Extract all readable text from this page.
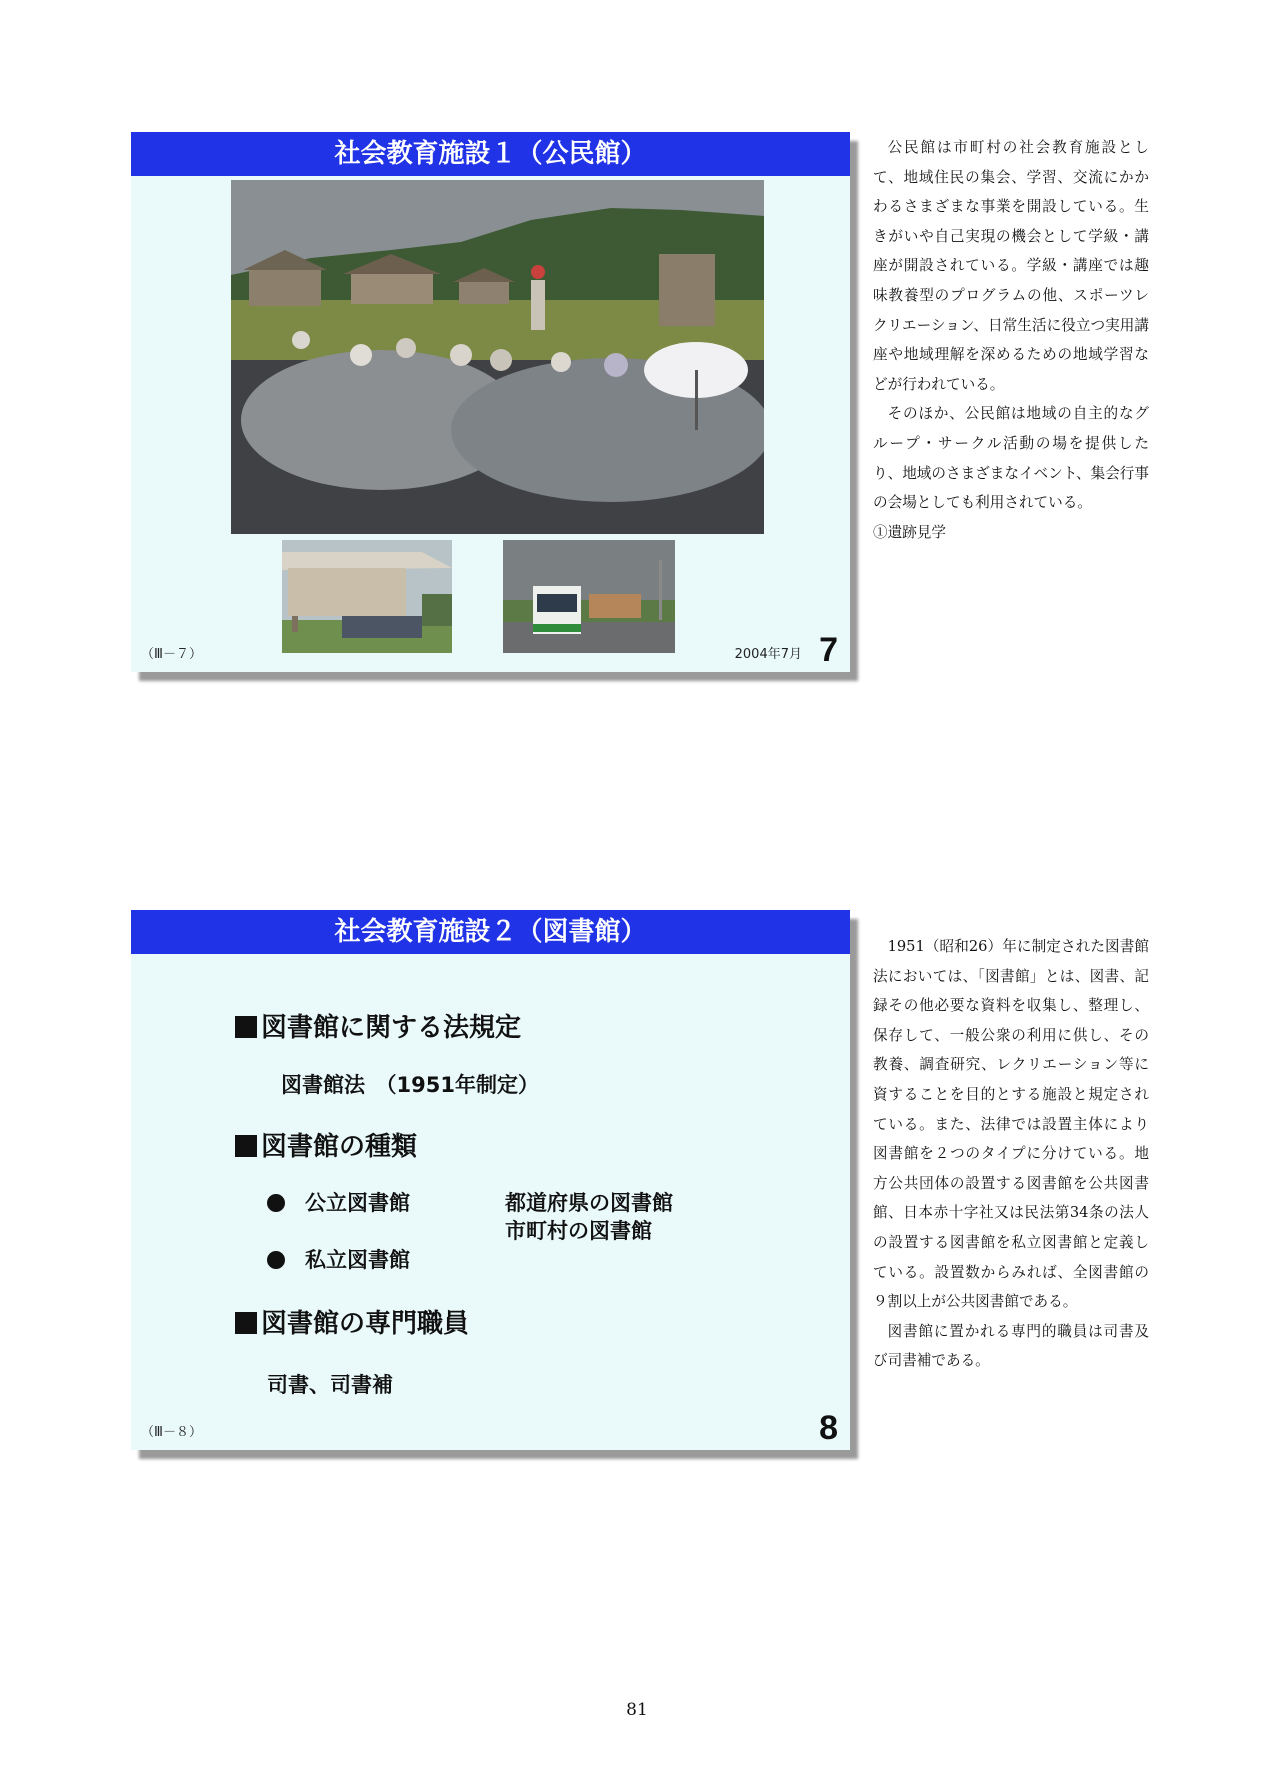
社会教育施設１（公民館）
（Ⅲ－７）	2004年7月 7

公民館は市町村の社会教育施設として、地域住民の集会、学習、交流にかかわるさまざまな事業を開設している。生きがいや自己実現の機会として学級・講座が開設されている。学級・講座では趣味教養型のプログラムの他、スポーツレクリエーション、日常生活に役立つ実用講座や地域理解を深めるための地域学習などが行われている。

そのほか、公民館は地域の自主的なグループ・サークル活動の場を提供したり、地域のさまざまなイベント、集会行事の会場としても利用されている。

①遺跡見学

社会教育施設２（図書館）
図書館に関する法規定
図書館法　（1951年制定）
図書館の種類
公立図書館	都道府県の図書館
市町村の図書館
私立図書館
図書館の専門職員
司書、司書補
（Ⅲ－８）	8

1951（昭和26）年に制定された図書館法においては、「図書館」とは、図書、記録その他必要な資料を収集し、整理し、保存して、一般公衆の利用に供し、その教養、調査研究、レクリエーション等に資することを目的とする施設と規定されている。また、法律では設置主体により図書館を２つのタイプに分けている。地方公共団体の設置する図書館を公共図書館、日本赤十字社又は民法第34条の法人の設置する図書館を私立図書館と定義している。設置数からみれば、全図書館の９割以上が公共図書館である。

図書館に置かれる専門的職員は司書及び司書補である。

81
